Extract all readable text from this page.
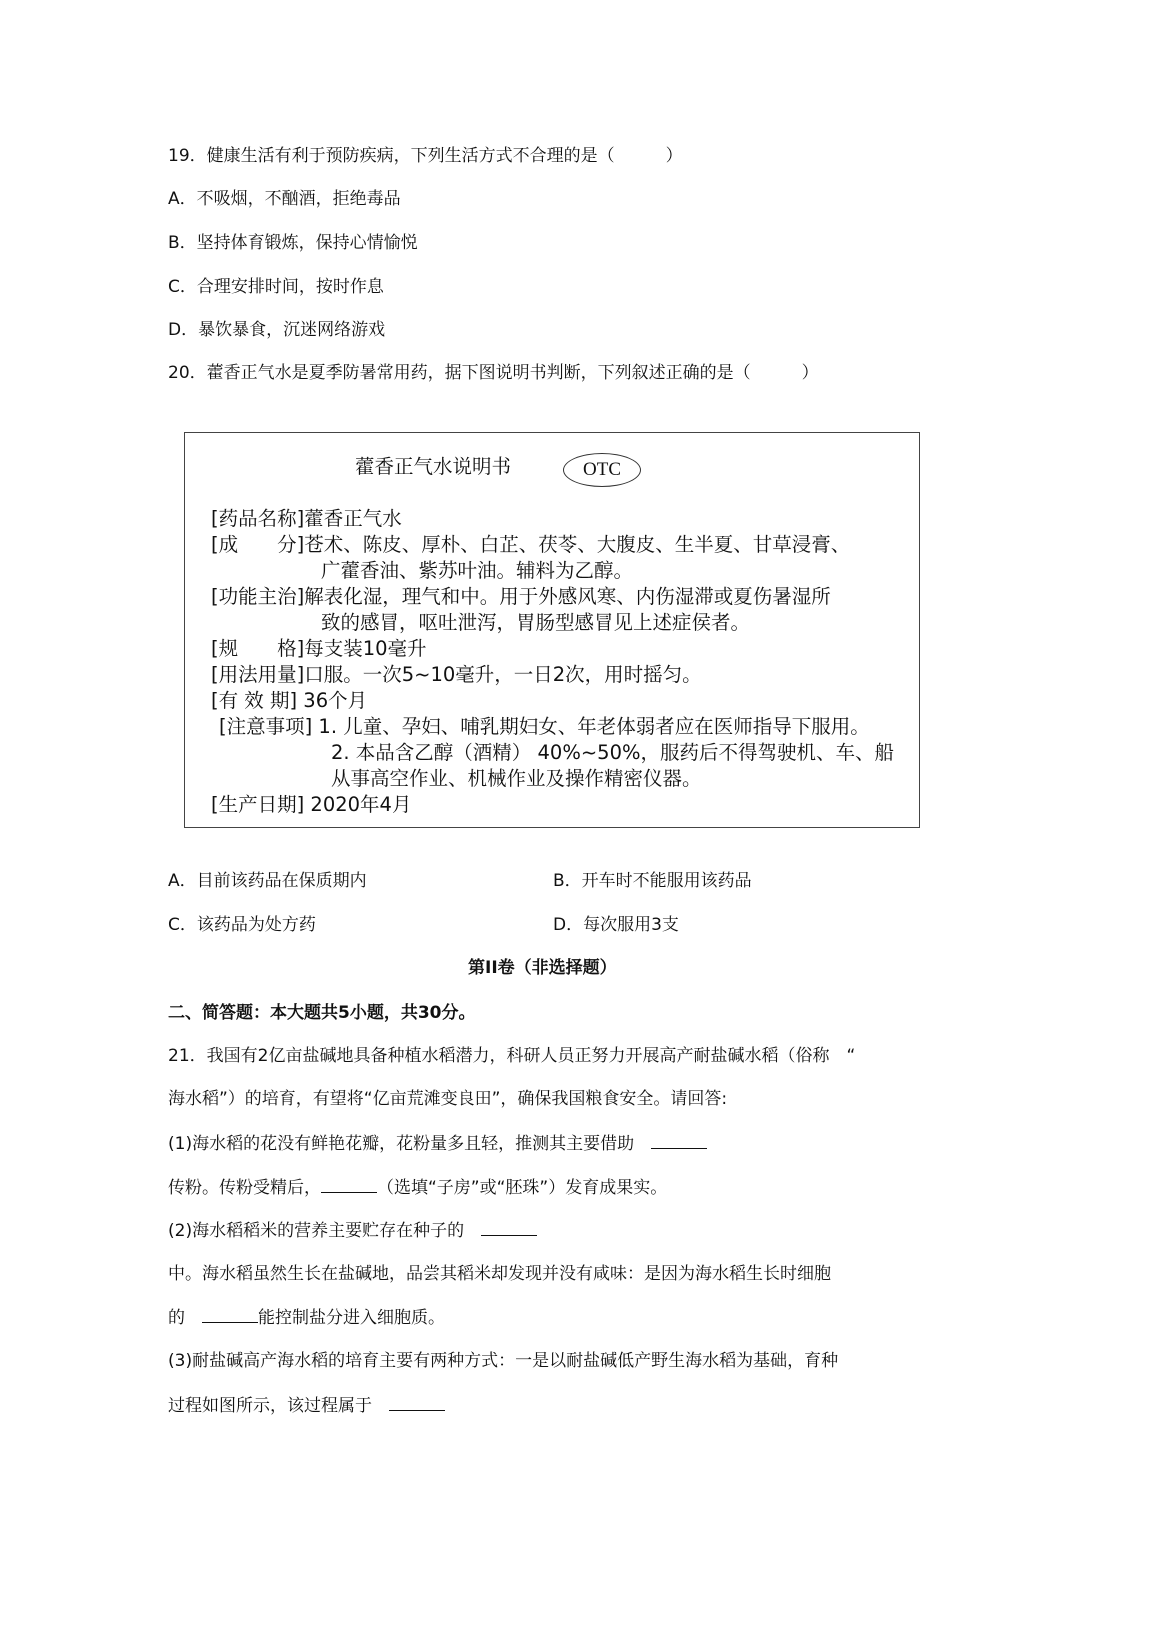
19．健康生活有利于预防疾病，下列生活方式不合理的是（　　　）
A．不吸烟，不酗酒，拒绝毒品
B．坚持体育锻炼，保持心情愉悦
C．合理安排时间，按时作息
D．暴饮暴食，沉迷网络游戏
20．藿香正气水是夏季防暑常用药，据下图说明书判断，下列叙述正确的是（　　　）
藿香正气水说明书	OTC
[药品名称]藿香正气水
[成　　分]苍术、陈皮、厚朴、白芷、茯苓、大腹皮、生半夏、甘草浸膏、
广藿香油、紫苏叶油。辅料为乙醇。
[功能主治]解表化湿，理气和中。用于外感风寒、内伤湿滞或夏伤暑湿所
致的感冒，呕吐泄泻，胃肠型感冒见上述症侯者。
[规　　格]每支装10毫升
[用法用量]口服。一次5~10毫升，一日2次，用时摇匀。
[有 效 期] 36个月
[注意事项] 1. 儿童、孕妇、哺乳期妇女、年老体弱者应在医师指导下服用。
2. 本品含乙醇（酒精） 40%~50%，服药后不得驾驶机、车、船
从事高空作业、机械作业及操作精密仪器。
[生产日期] 2020年4月
A．目前该药品在保质期内	B．开车时不能服用该药品
C．该药品为处方药	D．每次服用3支
第II卷（非选择题）
二、简答题：本大题共5小题，共30分。
21．我国有2亿亩盐碱地具备种植水稻潜力，科研人员正努力开展高产耐盐碱水稻（俗称　“
海水稻”）的培育，有望将“亿亩荒滩变良田”，确保我国粮食安全。请回答:
(1)海水稻的花没有鲜艳花瓣，花粉量多且轻，推测其主要借助　
传粉。传粉受精后，	（选填“子房”或“胚珠”）发育成果实。
(2)海水稻稻米的营养主要贮存在种子的　
中。海水稻虽然生长在盐碱地，品尝其稻米却发现并没有咸味：是因为海水稻生长时细胞
的　	能控制盐分进入细胞质。
(3)耐盐碱高产海水稻的培育主要有两种方式：一是以耐盐碱低产野生海水稻为基础，育种
过程如图所示，该过程属于　
